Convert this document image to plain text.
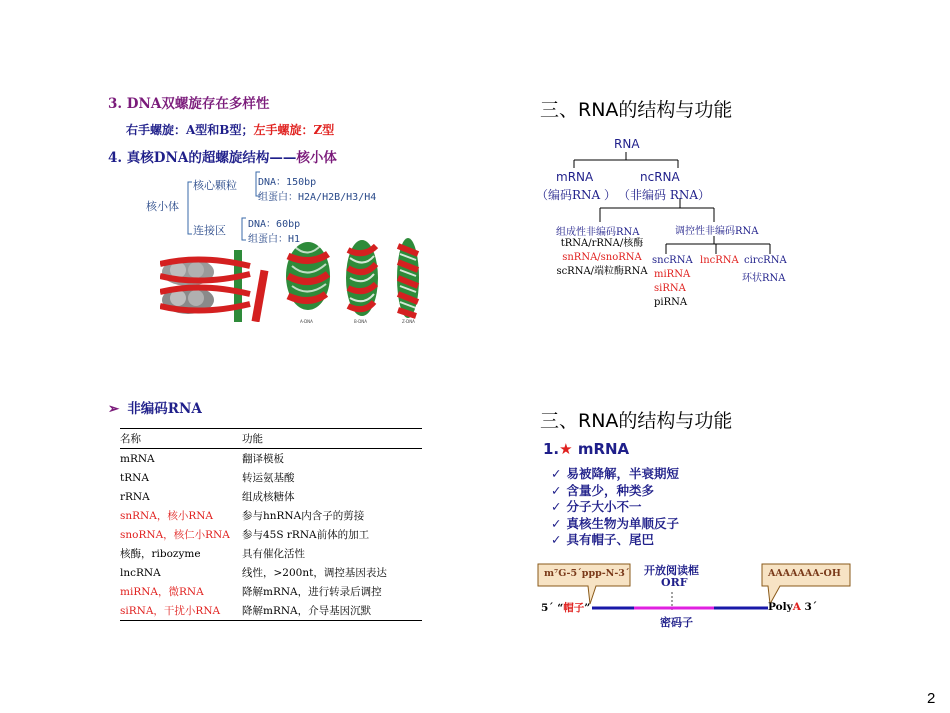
3. DNA双螺旋存在多样性
右手螺旋：A型和B型；左手螺旋：Z型
4. 真核DNA的超螺旋结构——核小体
核小体
核心颗粒 DNA：150bp
组蛋白：H2A/H2B/H3/H4
连接区 DNA：60bp
组蛋白：H1
A-DNA	B-DNA	Z-DNA
三、RNA的结构与功能
RNA
mRNA	ncRNA
（编码RNA ） （非编码 RNA）
组成性非编码RNA
tRNA/rRNA/核酶
snRNA/snoRNA
scRNA/端粒酶RNA
调控性非编码RNA
sncRNA
miRNA
siRNA
piRNA
lncRNA circRNA
环状RNA
➢ 非编码RNA
名称	功能
mRNA	翻译模板
tRNA	转运氨基酸
rRNA	组成核糖体
snRNA，核小RNA	参与hnRNA内含子的剪接
snoRNA，核仁小RNA	参与45S rRNA前体的加工
核酶，ribozyme	具有催化活性
lncRNA	线性，>200nt，调控基因表达
miRNA，微RNA	降解mRNA，进行转录后调控
siRNA，干扰小RNA	降解mRNA，介导基因沉默
三、RNA的结构与功能
1.★ mRNA
✓ 易被降解，半衰期短
✓ 含量少，种类多
✓ 分子大小不一
✓ 真核生物为单顺反子
✓ 具有帽子、尾巴
m⁷G-5´ppp-N-3´	AAAAAAA-OH
开放阅读框
ORF
5´ “帽子”	PolyA 3´
密码子
2
